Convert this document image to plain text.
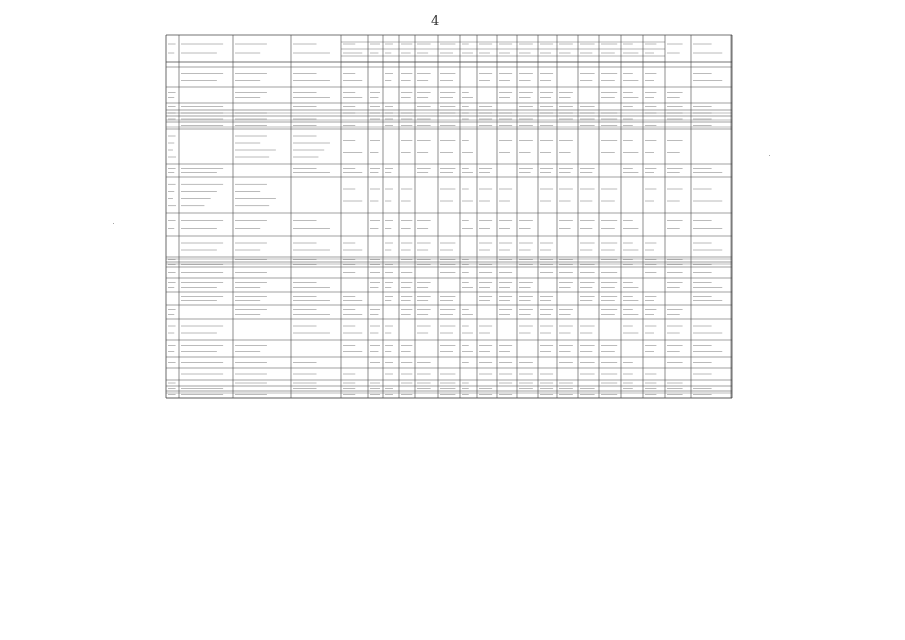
4
·
·
